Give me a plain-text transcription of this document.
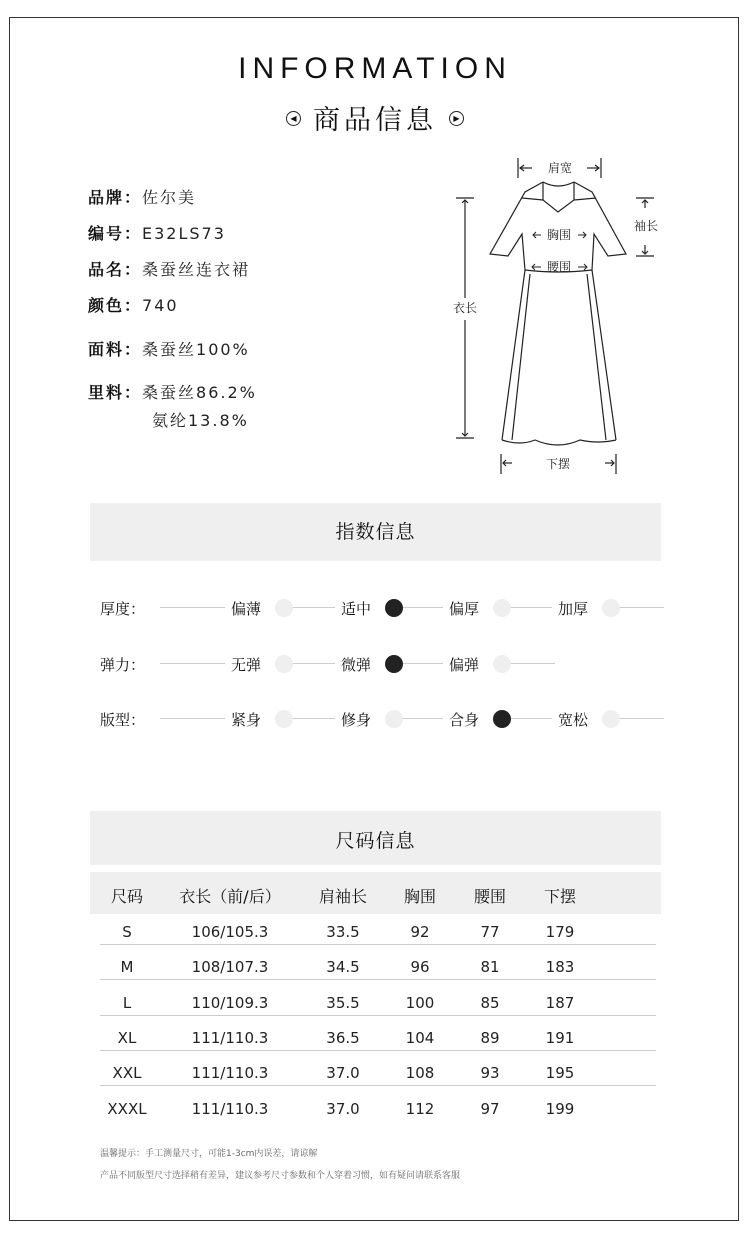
INFORMATION
◀ 商品信息 ▶
品牌：佐尔美
编号：E32LS73
品名：桑蚕丝连衣裙
颜色：740
面料：桑蚕丝100%
里料：桑蚕丝86.2%
氨纶13.8%
肩宽
袖长
胸围
腰围
衣长
下摆
指数信息
厚度：	偏薄	适中	偏厚	加厚
弹力：	无弹	微弹	偏弹
版型：	紧身	修身	合身	宽松
尺码信息
尺码 衣长（前/后） 肩袖长 胸围 腰围 下摆
S	106/105.3	33.5	92	77	179
M	108/107.3	34.5	96	81	183
L	110/109.3	35.5	100	85	187
XL	111/110.3	36.5	104	89	191
XXL	111/110.3	37.0	108	93	195
XXXL	111/110.3	37.0	112	97	199
温馨提示：手工测量尺寸，可能1-3cm内误差，请谅解
产品不同版型尺寸选择稍有差异，建议参考尺寸参数和个人穿着习惯，如有疑问请联系客服
